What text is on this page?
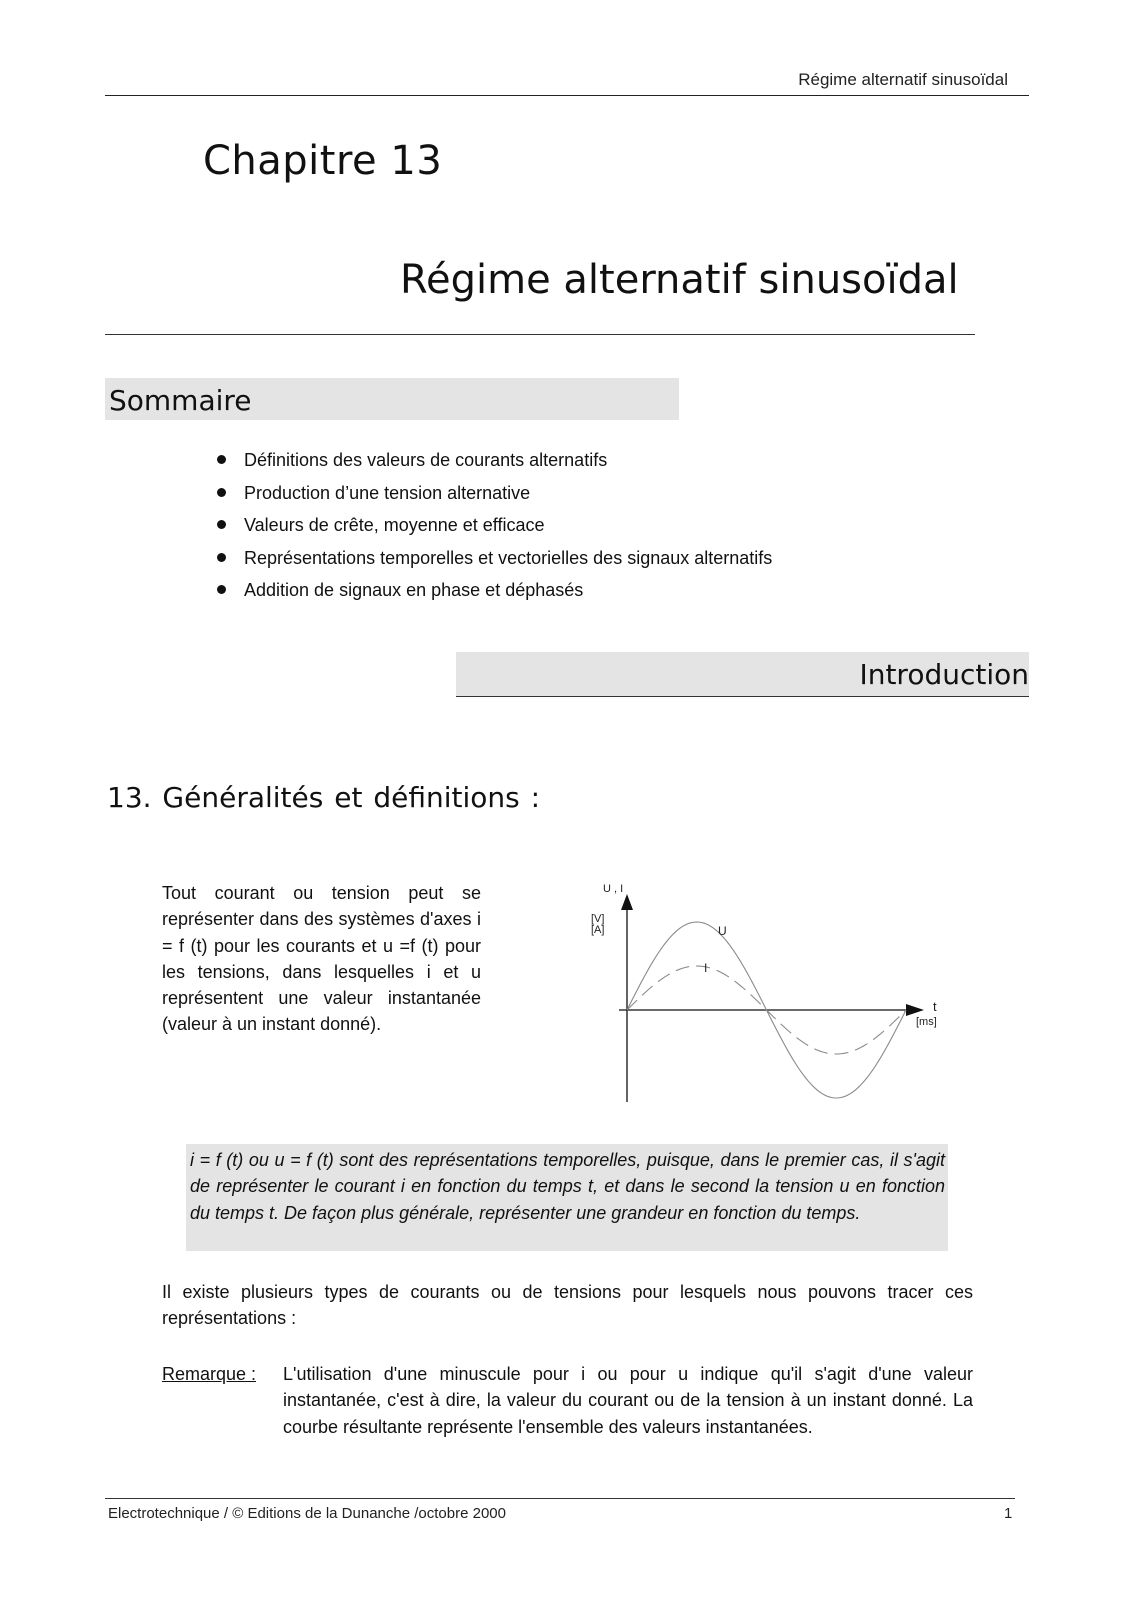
Régime alternatif sinusoïdal
Chapitre 13
Régime alternatif sinusoïdal
Sommaire
Définitions des valeurs de courants alternatifs
Production d’une tension alternative
Valeurs de crête, moyenne et efficace
Représentations temporelles et vectorielles des signaux alternatifs
Addition de signaux en phase et déphasés
Introduction
13. Généralités et définitions :
Tout courant ou tension peut se représenter dans des systèmes d'axes i = f (t) pour les courants et u =f (t) pour les tensions, dans lesquelles i et u représentent une valeur instantanée (valeur à un instant donné).
U , I
[V]
[A]	U
I
t
[ms]
i = f (t) ou u = f (t) sont des représentations temporelles, puisque, dans le premier cas, il s'agit de représenter le courant i en fonction du temps t, et dans le second la tension u en fonction du temps t. De façon plus générale, représenter une grandeur en fonction du temps.
Il existe plusieurs types de courants ou de tensions pour lesquels nous pouvons tracer ces représentations :
Remarque : L'utilisation d'une minuscule pour i ou pour u indique qu'il s'agit d'une valeur instantanée, c'est à dire, la valeur du courant ou de la tension à un instant donné. La courbe résultante représente l'ensemble des valeurs instantanées.
Electrotechnique / © Editions de la Dunanche /octobre 2000	1
